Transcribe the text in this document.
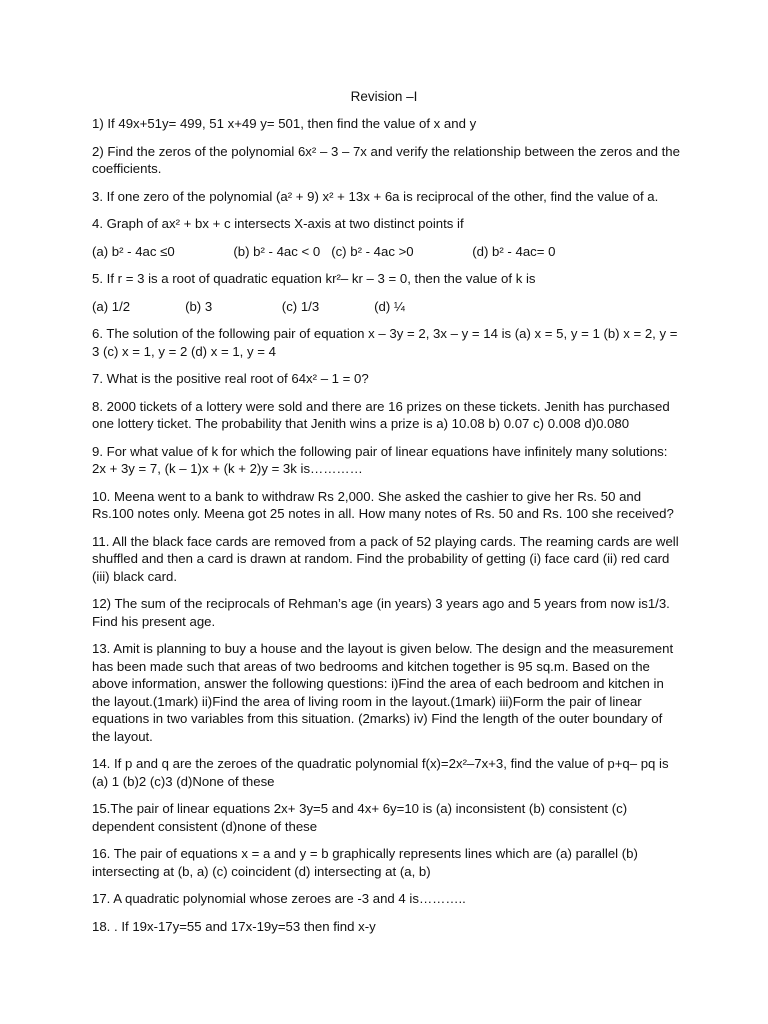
Revision –I

1) If 49x+51y= 499, 51 x+49 y= 501, then find the value of x and y

2) Find the zeros of the polynomial 6x² – 3 – 7x and verify the relationship between the zeros and the coefficients.

3. If one zero of the polynomial (a² + 9) x² + 13x + 6a is reciprocal of the other, find the value of a.

4. Graph of ax² + bx + c intersects X-axis at two distinct points if

(a) b² - 4ac ≤0                (b) b² - 4ac < 0   (c) b² - 4ac >0                (d) b² - 4ac= 0

5. If r = 3 is a root of quadratic equation kr²– kr – 3 = 0, then the value of k is

(a) 1/2               (b) 3                   (c) 1/3               (d) ¼

6. The solution of the following pair of equation x – 3y = 2, 3x – y = 14 is (a) x = 5, y = 1 (b) x = 2, y = 3 (c) x = 1, y = 2 (d) x = 1, y = 4

7. What is the positive real root of 64x² – 1 = 0?

8. 2000 tickets of a lottery were sold and there are 16 prizes on these tickets. Jenith has purchased one lottery ticket. The probability that Jenith wins a prize is a) 10.08 b) 0.07 c) 0.008 d)0.080

9. For what value of k for which the following pair of linear equations have infinitely many solutions: 2x + 3y = 7, (k – 1)x + (k + 2)y = 3k is…………

10. Meena went to a bank to withdraw Rs 2,000. She asked the cashier to give her Rs. 50 and Rs.100 notes only. Meena got 25 notes in all. How many notes of Rs. 50 and Rs. 100 she received?

11. All the black face cards are removed from a pack of 52 playing cards. The reaming cards are well shuffled and then a card is drawn at random. Find the probability of getting (i) face card (ii) red card (iii) black card.

12) The sum of the reciprocals of Rehman’s age (in years) 3 years ago and 5 years from now is1/3. Find his present age.

13. Amit is planning to buy a house and the layout is given below. The design and the measurement has been made such that areas of two bedrooms and kitchen together is 95 sq.m. Based on the above information, answer the following questions: i)Find the area of each bedroom and kitchen in the layout.(1mark) ii)Find the area of living room in the layout.(1mark) iii)Form the pair of linear equations in two variables from this situation. (2marks) iv) Find the length of the outer boundary of the layout.

14. If p and q are the zeroes of the quadratic polynomial f(x)=2x²–7x+3, find the value of p+q– pq is (a) 1 (b)2 (c)3 (d)None of these

15.The pair of linear equations 2x+ 3y=5 and 4x+ 6y=10 is (a) inconsistent (b) consistent (c) dependent consistent (d)none of these

16. The pair of equations x = a and y = b graphically represents lines which are (a) parallel (b) intersecting at (b, a) (c) coincident (d) intersecting at (a, b)

17. A quadratic polynomial whose zeroes are -3 and 4 is………..

18. . If 19x-17y=55 and 17x-19y=53 then find x-y
